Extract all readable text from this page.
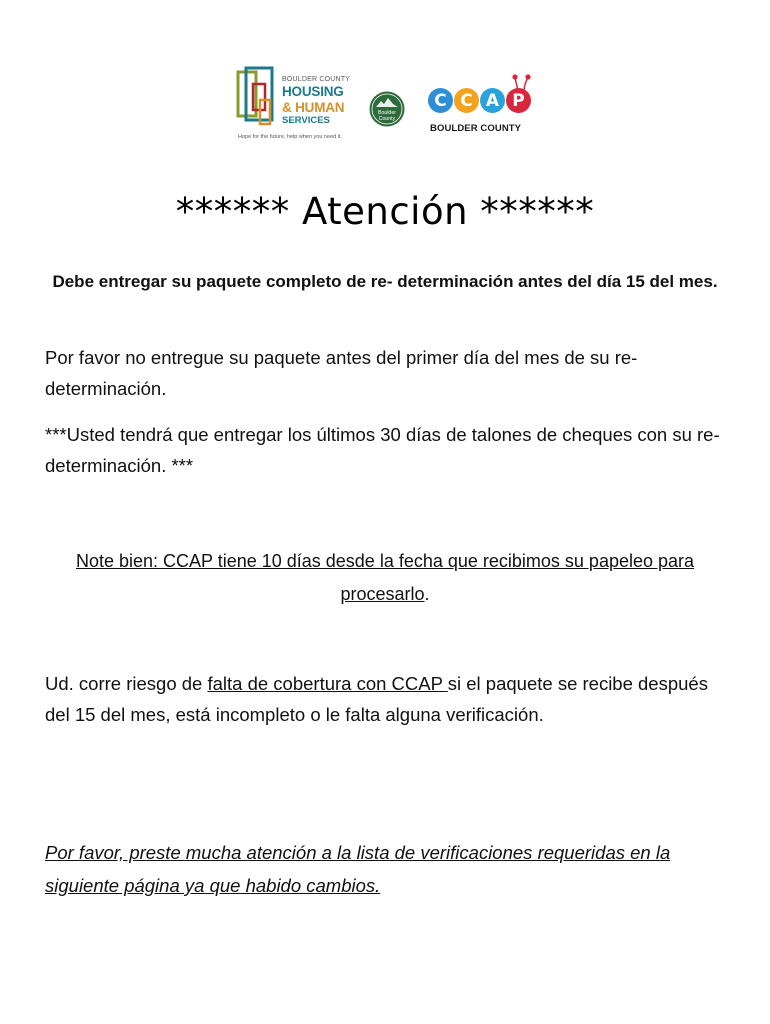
BOULDER COUNTY
HOUSING
& HUMAN
SERVICES
Hope for the future, help when you need it.
Boulder
County
C C A P
BOULDER COUNTY
****** Atención ******

Debe entregar su paquete completo de re- determinación antes del día 15 del mes.

Por favor no entregue su paquete antes del primer día del mes de su re-determinación.

***Usted tendrá que entregar los últimos 30 días de talones de cheques con su re-determinación. ***

Note bien: CCAP tiene 10 días desde la fecha que recibimos su papeleo para procesarlo.

Ud. corre riesgo de falta de cobertura con CCAP si el paquete se recibe después del 15 del mes, está incompleto o le falta alguna verificación.

Por favor, preste mucha atención a la lista de verificaciones requeridas en la siguiente página ya que habido cambios.
